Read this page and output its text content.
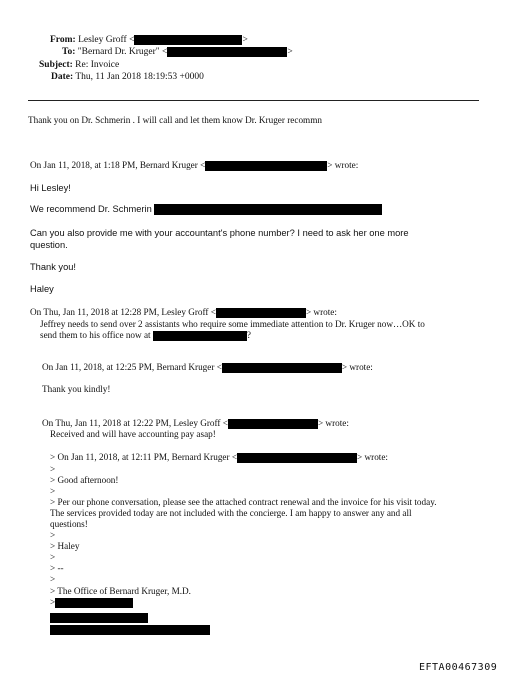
From: Lesley Groff <	>
To: "Bernard Dr. Kruger" <	>
Subject: Re: Invoice
Date: Thu, 11 Jan 2018 18:19:53 +0000
Thank you on Dr. Schmerin . I will call and let them know Dr. Kruger recommn
On Jan 11, 2018, at 1:18 PM, Bernard Kruger <	> wrote:
Hi Lesley!
We recommend Dr. Schmerin
Can you also provide me with your accountant's phone number? I need to ask her one more
question.
Thank you!
Haley
On Thu, Jan 11, 2018 at 12:28 PM, Lesley Groff <	> wrote:
Jeffrey needs to send over 2 assistants who require some immediate attention to Dr. Kruger now…OK to
send them to his office now at	?
On Jan 11, 2018, at 12:25 PM, Bernard Kruger <	> wrote:
Thank you kindly!
On Thu, Jan 11, 2018 at 12:22 PM, Lesley Groff <	> wrote:
Received and will have accounting pay asap!
> On Jan 11, 2018, at 12:11 PM, Bernard Kruger <	> wrote:
>
> Good afternoon!
>
> Per our phone conversation, please see the attached contract renewal and the invoice for his visit today.
The services provided today are not included with the concierge. I am happy to answer any and all
questions!
>
> Haley
>
> --
>
> The Office of Bernard Kruger, M.D.
>
EFTA00467309
